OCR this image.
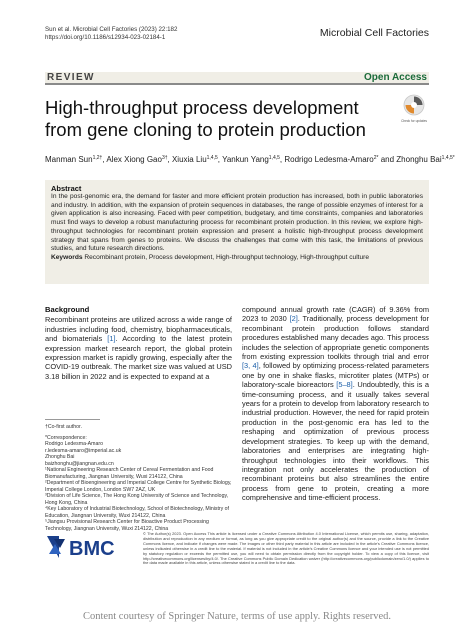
Sun et al. Microbial Cell Factories (2023) 22:182
https://doi.org/10.1186/s12934-023-02184-1	Microbial Cell Factories
REVIEW	Open Access
High-throughput process development from gene cloning to protein production	Check for updates
Manman Sun$^{1,2\dagger}$, Alex Xiong Gao$^{3\dagger}$, Xiuxia Liu$^{1,4,5}$, Yankun Yang$^{1,4,5}$, Rodrigo Ledesma-Amaro$^{2*}$ and Zhonghu Bai$^{1,4,5*}$
Abstract
In the post-genomic era, the demand for faster and more efficient protein production has increased, both in public laboratories and industry. In addition, with the expansion of protein sequences in databases, the range of possible enzymes of interest for a given application is also increasing. Faced with peer competition, budgetary, and time constraints, companies and laboratories must find ways to develop a robust manufacturing process for recombinant protein production. In this review, we explore high-throughput technologies for recombinant protein expression and present a holistic high-throughput process development strategy that spans from genes to proteins. We discuss the challenges that come with this task, the limitations of previous studies, and future research directions.
Keywords Recombinant protein, Process development, High-throughput technology, High-throughput culture
Background

Recombinant proteins are utilized across a wide range of industries including food, chemistry, biopharmaceuticals, and biomaterials [1]. According to the latest protein expression market research report, the global protein expression market is rapidly growing, especially after the COVID-19 outbreak. The market size was valued at USD 3.18 billion in 2022 and is expected to expand at a

compound annual growth rate (CAGR) of 9.36% from 2023 to 2030 [2]. Traditionally, process development for recombinant protein production follows standard procedures established many decades ago. This process includes the selection of appropriate genetic components from existing expression toolkits through trial and error [3, 4], followed by optimizing process-related parameters one by one in shake flasks, microtiter plates (MTPs) or laboratory-scale bioreactors [5–8]. Undoubtedly, this is a time-consuming process, and it usually takes several years for a protein to develop from laboratory research to industrial production. However, the need for rapid protein production in the post-genomic era has led to the reshaping and optimization of previous process development strategies. To keep up with the demand, laboratories and enterprises are integrating high-throughput technologies into their workflows. This integration not only accelerates the production of recombinant proteins but also streamlines the entire process from gene to protein, creating a more comprehensive and time-efficient process.

†Co-first author.
*Correspondence:
Rodrigo Ledesma-Amaro
r.ledesma-amaro@imperial.ac.uk
Zhonghu Bai
baizhonghu@jiangnan.edu.cn
¹National Engineering Research Center of Cereal Fermentation and Food Biomanufacturing, Jiangnan University, Wuxi 214122, China
²Department of Bioengineering and Imperial College Centre for Synthetic Biology, Imperial College London, London SW7 2AZ, UK
³Division of Life Science, The Hong Kong University of Science and Technology, Hong Kong, China
⁴Key Laboratory of Industrial Biotechnology, School of Biotechnology, Ministry of Education, Jiangnan University, Wuxi 214122, China
⁵Jiangsu Provisional Research Center for Bioactive Product Processing Technology, Jiangnan University, Wuxi 214122, China
BMC
© The Author(s) 2023. Open Access This article is licensed under a Creative Commons Attribution 4.0 International License, which permits use, sharing, adaptation, distribution and reproduction in any medium or format, as long as you give appropriate credit to the original author(s) and the source, provide a link to the Creative Commons licence, and indicate if changes were made. The images or other third party material in this article are included in the article's Creative Commons licence, unless indicated otherwise in a credit line to the material. If material is not included in the article's Creative Commons licence and your intended use is not permitted by statutory regulation or exceeds the permitted use, you will need to obtain permission directly from the copyright holder. To view a copy of this licence, visit http://creativecommons.org/licenses/by/4.0/. The Creative Commons Public Domain Dedication waiver (http://creativecommons.org/publicdomain/zero/1.0/) applies to the data made available in this article, unless otherwise stated in a credit line to the data.
Content courtesy of Springer Nature, terms of use apply. Rights reserved.
